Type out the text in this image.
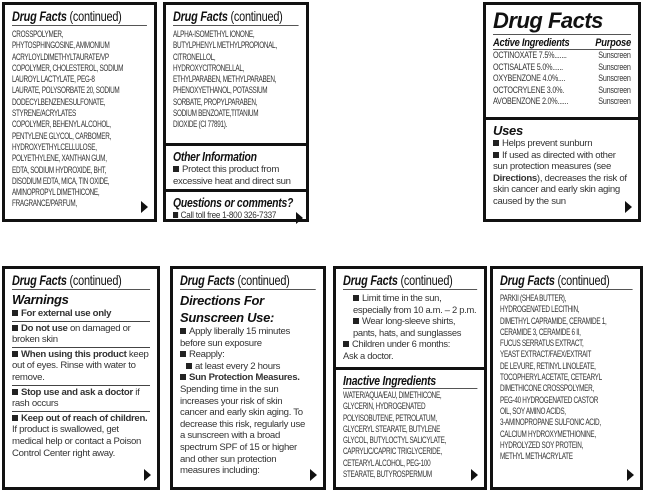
Drug Facts (continued)
CROSSPOLYMER,
PHYTOSPHINGOSINE, AMMONIUM
ACRYLOYLDIMETHYLTAURATE/VP
COPOLYMER, CHOLESTEROL, SODIUM
LAUROYL LACTYLATE, PEG-8
LAURATE, POLYSORBATE 20, SODIUM
DODECYLBENZENESULFONATE,
STYRENE/ACRYLATES
COPOLYMER, BEHENYL ALCOHOL,
PENTYLENE GLYCOL, CARBOMER,
HYDROXYETHYLCELLULOSE,
POLYETHYLENE, XANTHAN GUM,
EDTA, SODIUM HYDROXIDE, BHT,
DISODIUM EDTA, MICA, TIN OXIDE,
AMINOPROPYL DIMETHICONE,
FRAGRANCE/PARFUM,
Drug Facts (continued)
ALPHA-ISOMETHYL IONONE,
BUTYLPHENYL METHYLPROPIONAL,
CITRONELLOL,
HYDROXYCITRONELLAL,
ETHYLPARABEN, METHYLPARABEN,
PHENOXYETHANOL, POTASSIUM
SORBATE, PROPYLPARABEN,
SODIUM BENZOATE,TITANIUM
DIOXIDE (CI 77891).
Other Information
Protect this product from
excessive heat and direct sun
Questions or comments?
Call toll free 1-800 326-7337
Drug Facts
Active Ingredients Purpose
OCTINOXATE 7.5%.......	Sunscreen
OCTISALATE 5.0%......	Sunscreen
OXYBENZONE 4.0%....	Sunscreen
OCTOCRYLENE 3.0%.	Sunscreen
AVOBENZONE 2.0%......	Sunscreen
Uses
Helps prevent sunburn
If used as directed with other sun protection measures (see Directions), decreases the risk of skin cancer and early skin aging caused by the sun
Drug Facts (continued)
Warnings
For external use only
Do not use on damaged or broken skin
When using this product keep out of eyes. Rinse with water to remove.
Stop use and ask a doctor if rash occurs
Keep out of reach of children. If product is swallowed, get medical help or contact a Poison Control Center right away.
Drug Facts (continued)
Directions For
Sunscreen Use:
Apply liberally 15 minutes before sun exposure
Reapply:
at least every 2 hours
Sun Protection Measures.
Spending time in the sun increases your risk of skin cancer and early skin aging. To decrease this risk, regularly use a sunscreen with a broad spectrum SPF of 15 or higher and other sun protection measures including:
Drug Facts (continued)
Limit time in the sun, especially from 10 a.m. – 2 p.m.
Wear long-sleeve shirts, pants, hats, and sunglasses
Children under 6 months: Ask a doctor.
Inactive Ingredients
WATER/AQUA/EAU, DIMETHICONE,
GLYCERIN, HYDROGENATED
POLYISOBUTENE, PETROLATUM,
GLYCERYL STEARATE, BUTYLENE
GLYCOL, BUTYLOCTYL SALICYLATE,
CAPRYLIC/CAPRIC TRIGLYCERIDE,
CETEARYL ALCOHOL, PEG-100
STEARATE, BUTYROSPERMUM
Drug Facts (continued)
PARKII (SHEA BUTTER),
HYDROGENATED LECITHIN,
DIMETHYL CAPRAMIDE, CERAMIDE 1,
CERAMIDE 3, CERAMIDE 6 II,
FUCUS SERRATUS EXTRACT,
YEAST EXTRACT/FAEX/EXTRAIT
DE LEVURE, RETINYL LINOLEATE,
TOCOPHERYL ACETATE, CETEARYL
DIMETHICONE CROSSPOLYMER,
PEG-40 HYDROGENATED CASTOR
OIL, SOY AMINO ACIDS,
3-AMINOPROPANE SULFONIC ACID,
CALCIUM HYDROXYMETHIONINE,
HYDROLYZED SOY PROTEIN,
METHYL METHACRYLATE
